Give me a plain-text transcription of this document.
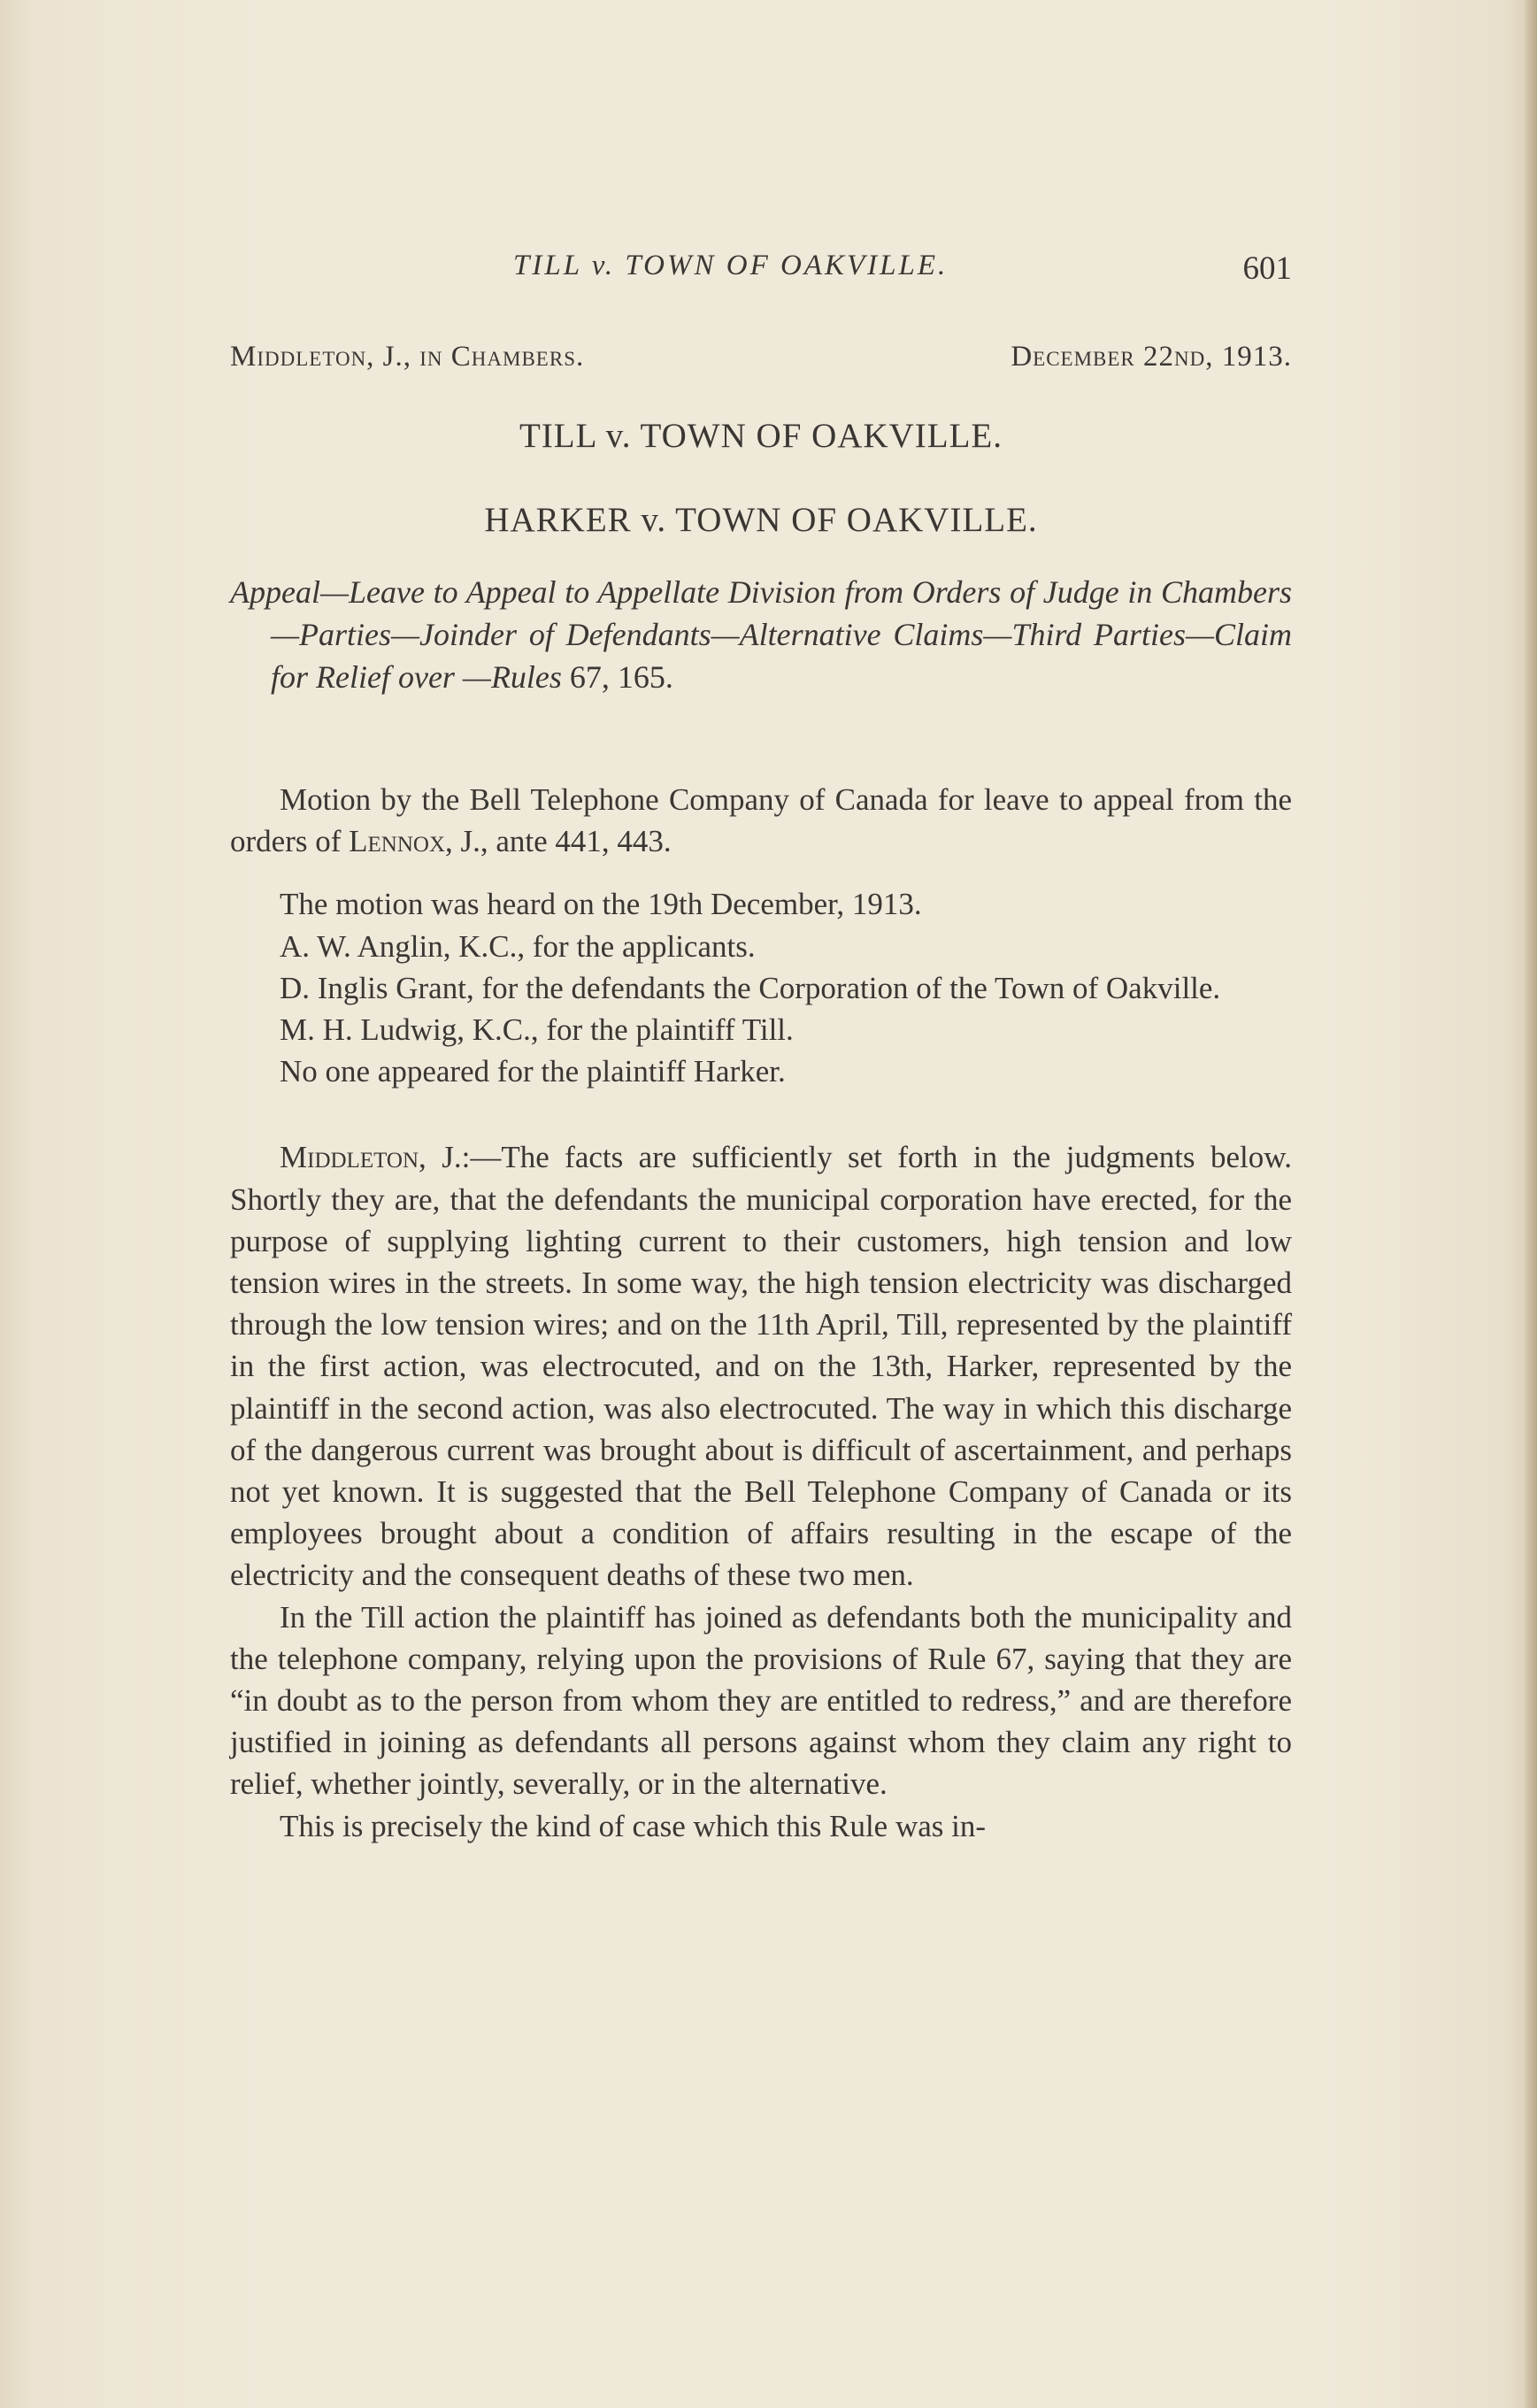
TILL v. TOWN OF OAKVILLE.	601
Middleton, J., in Chambers.	December 22nd, 1913.
TILL v. TOWN OF OAKVILLE.
HARKER v. TOWN OF OAKVILLE.
Appeal—Leave to Appeal to Appellate Division from Orders of Judge in Chambers—Parties—Joinder of Defendants—Alternative Claims—Third Parties—Claim for Relief over —Rules 67, 165.

Motion by the Bell Telephone Company of Canada for leave to appeal from the orders of Lennox, J., ante 441, 443.

The motion was heard on the 19th December, 1913.

A. W. Anglin, K.C., for the applicants.

D. Inglis Grant, for the defendants the Corporation of the Town of Oakville.

M. H. Ludwig, K.C., for the plaintiff Till.

No one appeared for the plaintiff Harker.

Middleton, J.:—The facts are sufficiently set forth in the judgments below. Shortly they are, that the defendants the municipal corporation have erected, for the purpose of supplying lighting current to their customers, high tension and low tension wires in the streets. In some way, the high tension electricity was discharged through the low tension wires; and on the 11th April, Till, represented by the plaintiff in the first action, was electrocuted, and on the 13th, Harker, represented by the plaintiff in the second action, was also electrocuted. The way in which this discharge of the dangerous current was brought about is difficult of ascertainment, and perhaps not yet known. It is suggested that the Bell Telephone Company of Canada or its employees brought about a condition of affairs resulting in the escape of the electricity and the consequent deaths of these two men.

In the Till action the plaintiff has joined as defendants both the municipality and the telephone company, relying upon the provisions of Rule 67, saying that they are “in doubt as to the person from whom they are entitled to redress,” and are therefore justified in joining as defendants all persons against whom they claim any right to relief, whether jointly, severally, or in the alternative.

This is precisely the kind of case which this Rule was in-
